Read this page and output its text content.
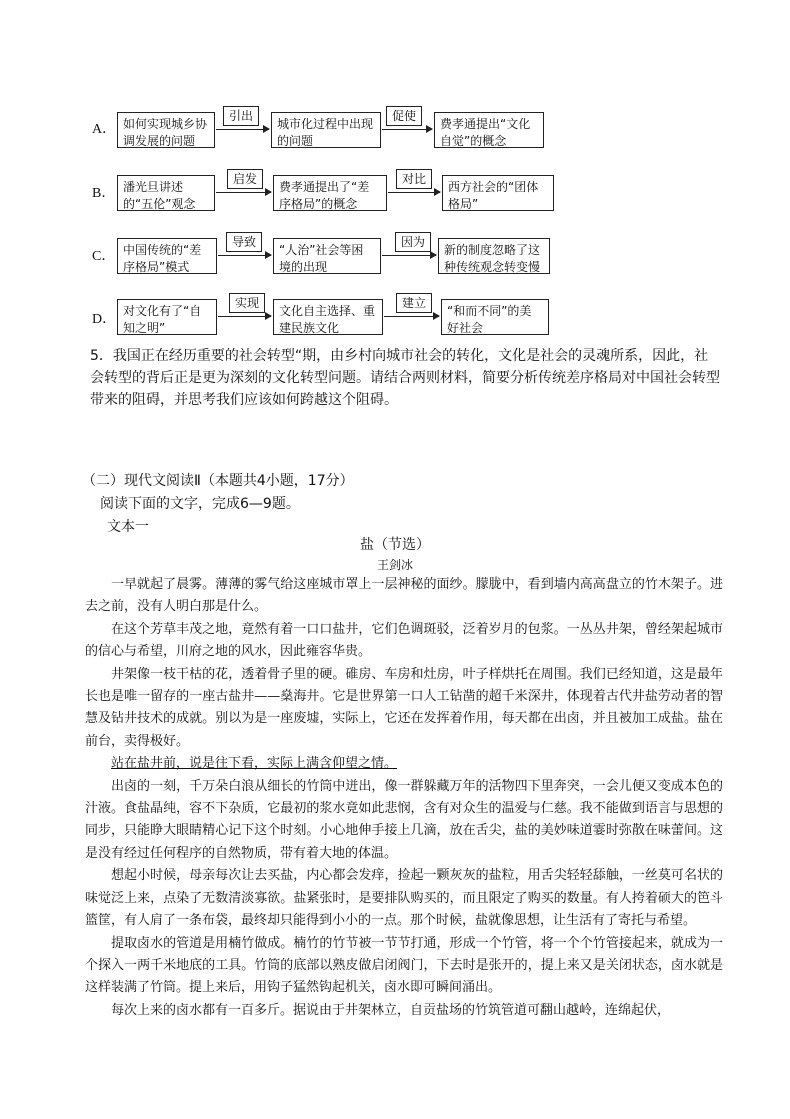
A． 如何实现城乡协调发展的问题
引出
城市化过程中出现的问题
促使
费孝通提出“文化自觉”的概念
B． 潘光旦讲述的“五伦”观念
启发
费孝通提出了“差序格局”的概念
对比
西方社会的“团体格局”
C． 中国传统的“差序格局”模式
导致
“人治”社会等困境的出现
因为
新的制度忽略了这种传统观念转变慢
D．
对文化有了“自知之明”
实现
文化自主选择、重建民族文化
建立
“和而不同”的美好社会
5．我国正在经历重要的社会转型“期，由乡村向城市社会的转化，文化是社会的灵魂所系，因此，社会转型的背后正是更为深刻的文化转型问题。请结合两则材料，简要分析传统差序格局对中国社会转型带来的阻碍，并思考我们应该如何跨越这个阻碍。
（二）现代文阅读Ⅱ（本题共4小题，17分）
阅读下面的文字，完成6—9题。
文本一
盐（节选）
王剑冰

一早就起了晨雾。薄薄的雾气给这座城市罩上一层神秘的面纱。朦胧中，看到墙内高高盘立的竹木架子。进去之前，没有人明白那是什么。

在这个芳草丰茂之地，竟然有着一口口盐井，它们色调斑驳，泛着岁月的包浆。一丛丛井架，曾经架起城市的信心与希望，川府之地的风水，因此雍容华贵。

井架像一枝干枯的花，透着骨子里的硬。碓房、车房和灶房，叶子样烘托在周围。我们已经知道，这是最年长也是唯一留存的一座古盐井——燊海井。它是世界第一口人工钻凿的超千米深井，体现着古代井盐劳动者的智慧及钻井技术的成就。别以为是一座废墟，实际上，它还在发挥着作用，每天都在出卤，并且被加工成盐。盐在前台，卖得极好。

站在盐井前，说是往下看，实际上满含仰望之情。

出卤的一刻，千万朵白浪从细长的竹筒中迸出，像一群躲藏万年的活物四下里奔突，一会儿便又变成本色的汁液。食盐晶纯，容不下杂质，它最初的浆水竟如此悲悯，含有对众生的温爱与仁慈。我不能做到语言与思想的同步，只能睁大眼睛精心记下这个时刻。小心地伸手接上几滴，放在舌尖，盐的美妙味道霎时弥散在味蕾间。这是没有经过任何程序的自然物质，带有着大地的体温。

想起小时候，母亲每次让去买盐，内心都会发痒，捡起一颗灰灰的盐粒，用舌尖轻轻舔触，一丝莫可名状的味觉泛上来，点染了无数清淡寡欲。盐紧张时，是要排队购买的，而且限定了购买的数量。有人挎着硕大的笆斗篮筐，有人肩了一条布袋，最终却只能得到小小的一点。那个时候，盐就像思想，让生活有了寄托与希望。

提取卤水的管道是用楠竹做成。楠竹的竹节被一节节打通，形成一个竹管，将一个个竹管接起来，就成为一个探入一两千米地底的工具。竹筒的底部以熟皮做启闭阀门，下去时是张开的，提上来又是关闭状态，卤水就是这样装满了竹筒。提上来后，用钩子猛然钩起机关，卤水即可瞬间涌出。

每次上来的卤水都有一百多斤。据说由于井架林立，自贡盐场的竹筑管道可翻山越岭，连绵起伏，
